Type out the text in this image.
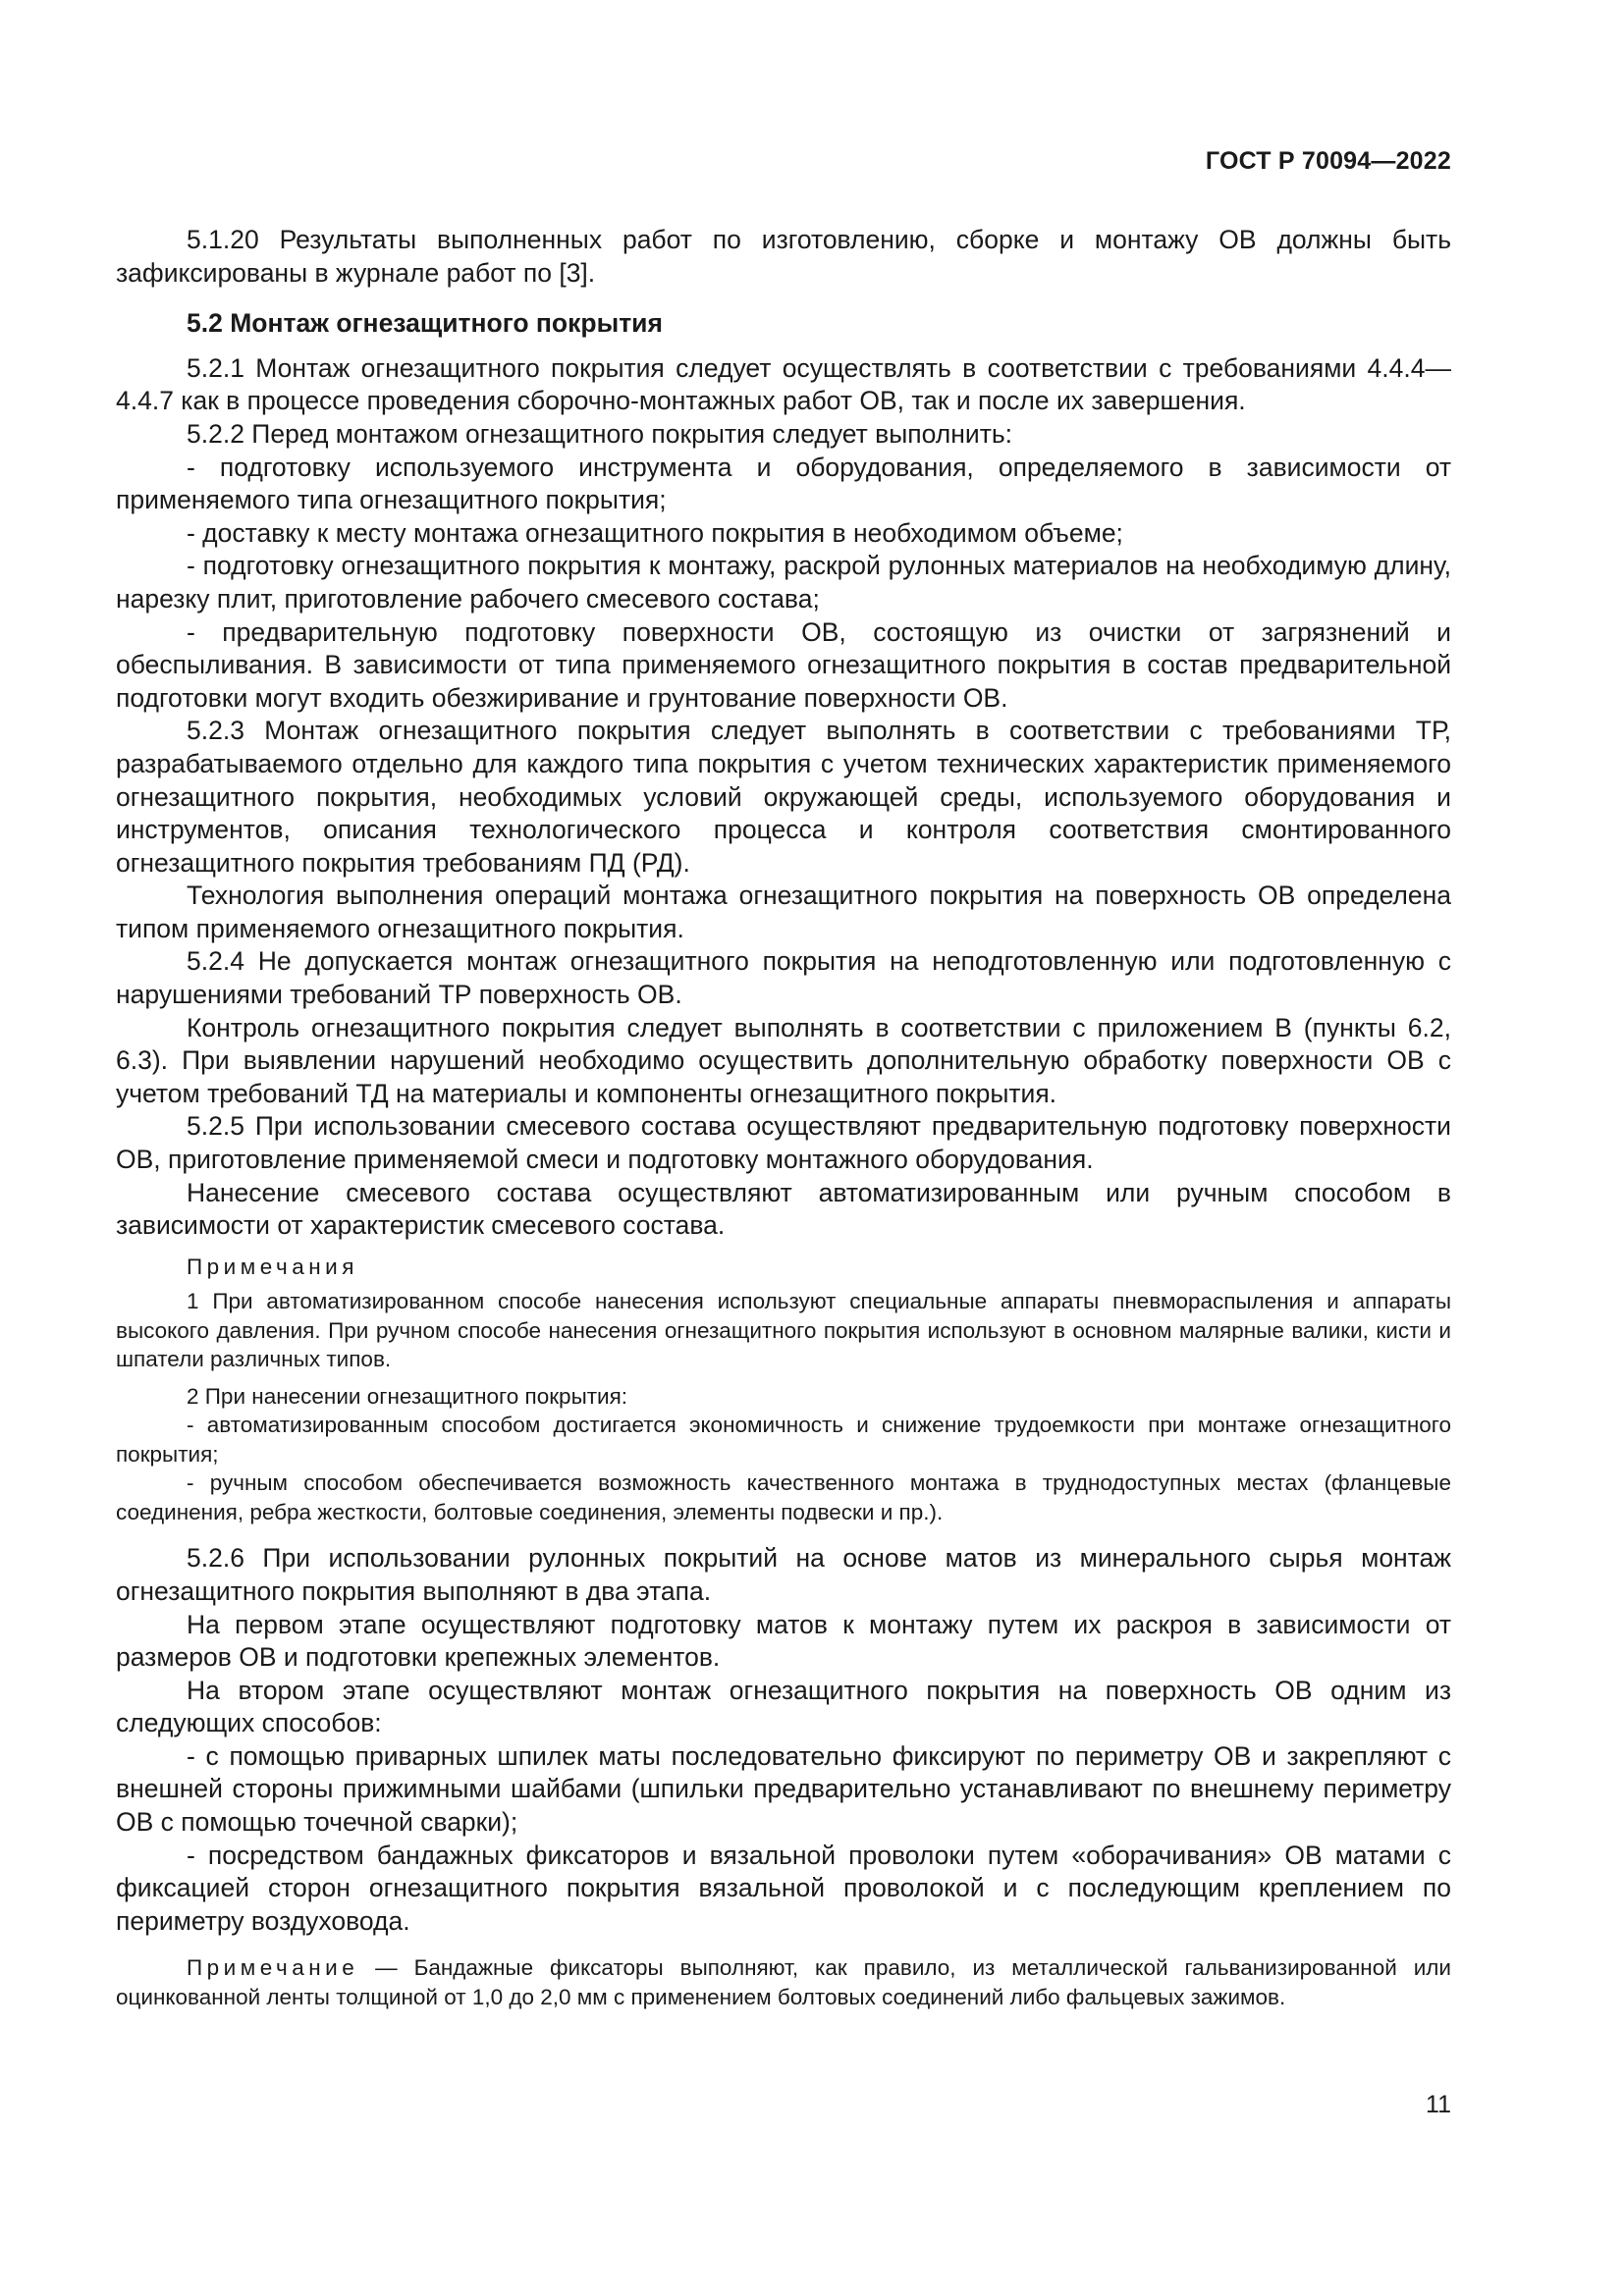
ГОСТ Р 70094—2022

5.1.20 Результаты выполненных работ по изготовлению, сборке и монтажу ОВ должны быть зафиксированы в журнале работ по [3].

5.2 Монтаж огнезащитного покрытия

5.2.1 Монтаж огнезащитного покрытия следует осуществлять в соответствии с требованиями 4.4.4—4.4.7 как в процессе проведения сборочно-монтажных работ ОВ, так и после их завершения.

5.2.2 Перед монтажом огнезащитного покрытия следует выполнить:

- подготовку используемого инструмента и оборудования, определяемого в зависимости от применяемого типа огнезащитного покрытия;

- доставку к месту монтажа огнезащитного покрытия в необходимом объеме;

- подготовку огнезащитного покрытия к монтажу, раскрой рулонных материалов на необходимую длину, нарезку плит, приготовление рабочего смесевого состава;

- предварительную подготовку поверхности ОВ, состоящую из очистки от загрязнений и обеспыливания. В зависимости от типа применяемого огнезащитного покрытия в состав предварительной подготовки могут входить обезжиривание и грунтование поверхности ОВ.

5.2.3 Монтаж огнезащитного покрытия следует выполнять в соответствии с требованиями ТР, разрабатываемого отдельно для каждого типа покрытия с учетом технических характеристик применяемого огнезащитного покрытия, необходимых условий окружающей среды, используемого оборудования и инструментов, описания технологического процесса и контроля соответствия смонтированного огнезащитного покрытия требованиям ПД (РД).

Технология выполнения операций монтажа огнезащитного покрытия на поверхность ОВ определена типом применяемого огнезащитного покрытия.

5.2.4 Не допускается монтаж огнезащитного покрытия на неподготовленную или подготовленную с нарушениями требований ТР поверхность ОВ.

Контроль огнезащитного покрытия следует выполнять в соответствии с приложением В (пункты 6.2, 6.3). При выявлении нарушений необходимо осуществить дополнительную обработку поверхности ОВ с учетом требований ТД на материалы и компоненты огнезащитного покрытия.

5.2.5 При использовании смесевого состава осуществляют предварительную подготовку поверхности ОВ, приготовление применяемой смеси и подготовку монтажного оборудования.

Нанесение смесевого состава осуществляют автоматизированным или ручным способом в зависимости от характеристик смесевого состава.

Примечания

1 При автоматизированном способе нанесения используют специальные аппараты пневмораспыления и аппараты высокого давления. При ручном способе нанесения огнезащитного покрытия используют в основном малярные валики, кисти и шпатели различных типов.

2 При нанесении огнезащитного покрытия:

- автоматизированным способом достигается экономичность и снижение трудоемкости при монтаже огнезащитного покрытия;

- ручным способом обеспечивается возможность качественного монтажа в труднодоступных местах (фланцевые соединения, ребра жесткости, болтовые соединения, элементы подвески и пр.).

5.2.6 При использовании рулонных покрытий на основе матов из минерального сырья монтаж огнезащитного покрытия выполняют в два этапа.

На первом этапе осуществляют подготовку матов к монтажу путем их раскроя в зависимости от размеров ОВ и подготовки крепежных элементов.

На втором этапе осуществляют монтаж огнезащитного покрытия на поверхность ОВ одним из следующих способов:

- с помощью приварных шпилек маты последовательно фиксируют по периметру ОВ и закрепляют с внешней стороны прижимными шайбами (шпильки предварительно устанавливают по внешнему периметру ОВ с помощью точечной сварки);

- посредством бандажных фиксаторов и вязальной проволоки путем «оборачивания» ОВ матами с фиксацией сторон огнезащитного покрытия вязальной проволокой и с последующим креплением по периметру воздуховода.

Примечание — Бандажные фиксаторы выполняют, как правило, из металлической гальванизированной или оцинкованной ленты толщиной от 1,0 до 2,0 мм с применением болтовых соединений либо фальцевых зажимов.

11
